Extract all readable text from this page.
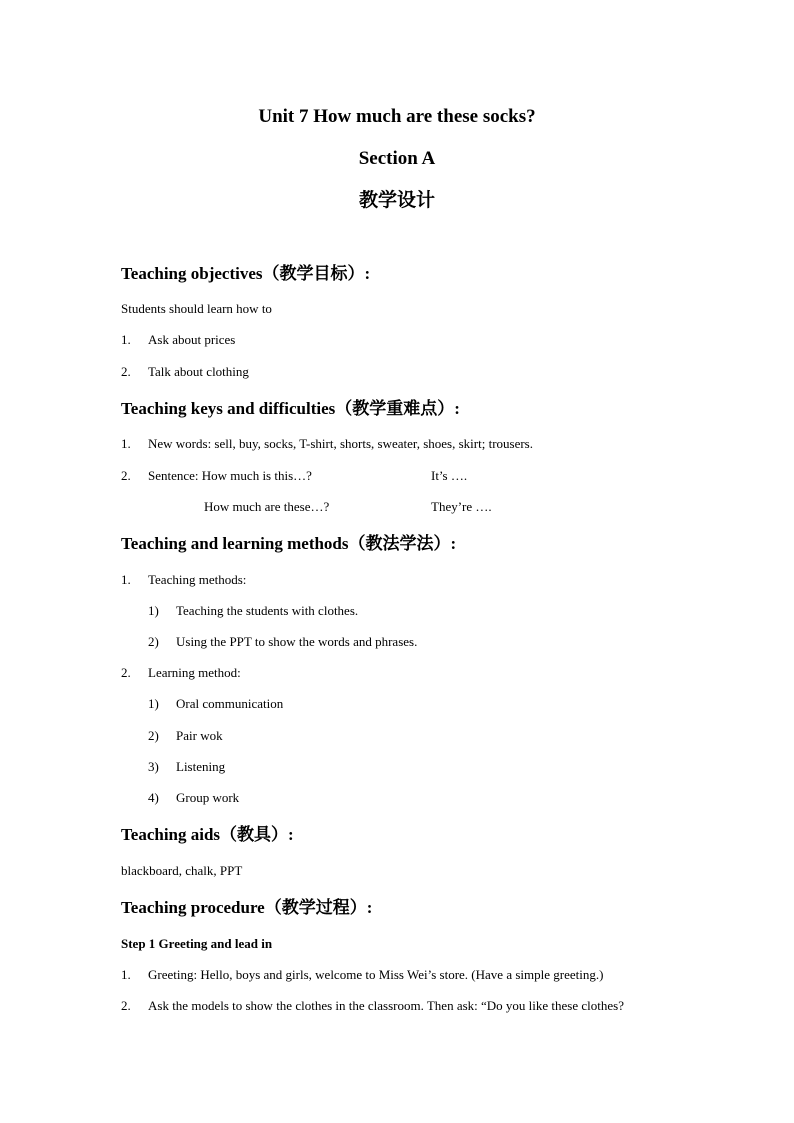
Unit 7 How much are these socks?
Section A
教学设计
Teaching objectives（教学目标）:
Students should learn how to
1. Ask about prices
2. Talk about clothing
Teaching keys and difficulties（教学重难点）:
1. New words: sell, buy, socks, T-shirt, shorts, sweater, shoes, skirt; trousers.
2. Sentence: How much is this…?	It’s ….
How much are these…?	They’re ….
Teaching and learning methods（教法学法）:
1. Teaching methods:
1) Teaching the students with clothes.
2) Using the PPT to show the words and phrases.
2. Learning method:
1) Oral communication
2) Pair wok
3) Listening
4) Group work
Teaching aids（教具）:
blackboard, chalk, PPT
Teaching procedure（教学过程）:
Step 1 Greeting and lead in
1. Greeting: Hello, boys and girls, welcome to Miss Wei’s store. (Have a simple greeting.)
2. Ask the models to show the clothes in the classroom. Then ask: “Do you like these clothes?
